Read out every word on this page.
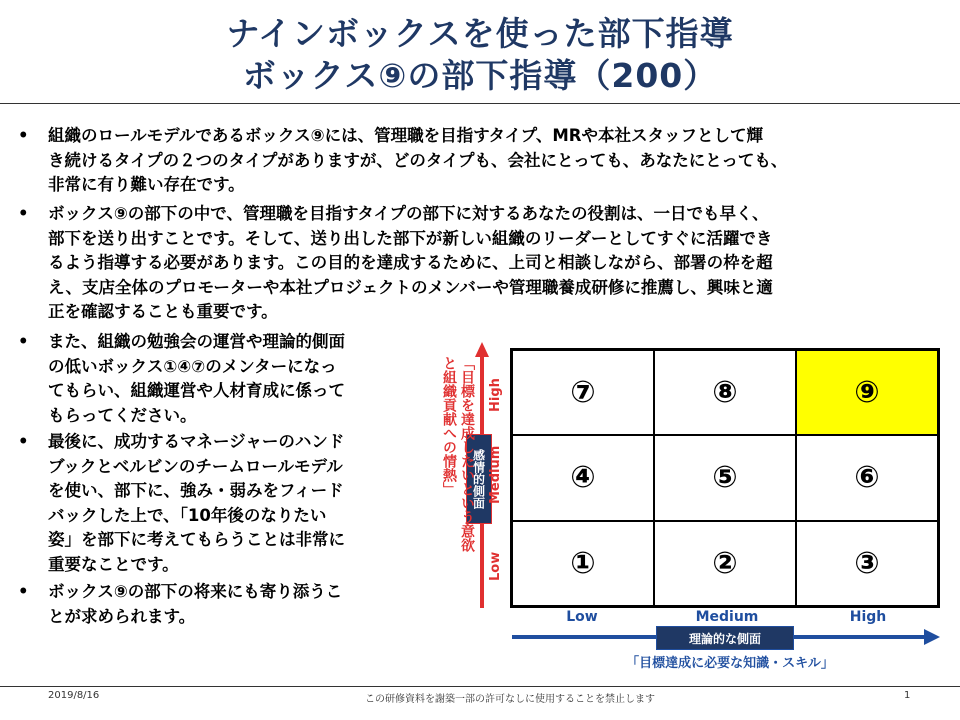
ナインボックスを使った部下指導
ボックス⑨の部下指導（200）
• 組織のロールモデルであるボックス⑨には、管理職を目指すタイプ、MRや本社スタッフとして輝
き続けるタイプの２つのタイプがありますが、どのタイプも、会社にとっても、あなたにとっても、
非常に有り難い存在です。
• ボックス⑨の部下の中で、管理職を目指すタイプの部下に対するあなたの役割は、一日でも早く、
部下を送り出すことです。そして、送り出した部下が新しい組織のリーダーとしてすぐに活躍でき
るよう指導する必要があります。この目的を達成するために、上司と相談しながら、部署の枠を超
え、支店全体のプロモーターや本社プロジェクトのメンバーや管理職養成研修に推薦し、興味と適
正を確認することも重要です。
• また、組織の勉強会の運営や理論的側面
の低いボックス①④⑦のメンターになっ
てもらい、組織運営や人材育成に係って
もらってください。
• 最後に、成功するマネージャーのハンド
ブックとベルビンのチームロールモデル
を使い、部下に、強み・弱みをフィード
バックした上で、「10年後のなりたい
姿」を部下に考えてもらうことは非常に
重要なことです。
• ボックス⑨の部下の将来にも寄り添うこ
とが求められます。
⑦	⑧	⑨
④	⑤	⑥
①	②	③
感情的側面
「目標を達成したいという意欲
と組織貢献への情熱」	High
Medium
Low
Low	Medium	High
理論的な側面
「目標達成に必要な知識・スキル」
2019/8/16	この研修資料を謝築一部の許可なしに使用することを禁止します	1
